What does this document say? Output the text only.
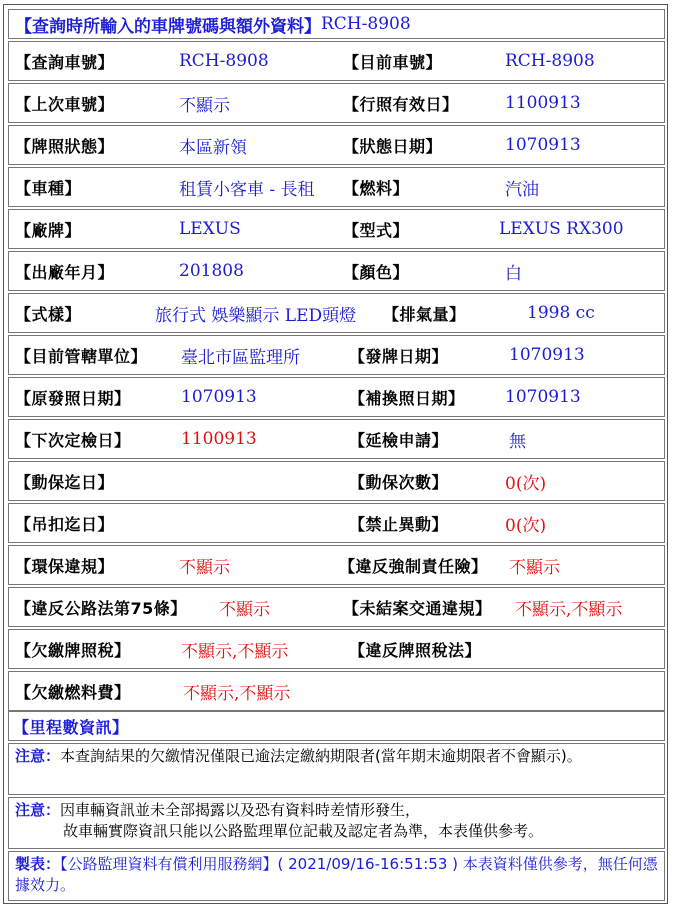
【查詢時所輸入的車牌號碼與額外資料】 RCH-8908
【查詢車號】	RCH-8908	【目前車號】	RCH-8908
【上次車號】	不顯示	【行照有效日】	1100913
【牌照狀態】	本區新領	【狀態日期】	1070913
【車種】	租賃小客車 - 長租 【燃料】	汽油
【廠牌】	LEXUS	【型式】	LEXUS RX300
【出廠年月】	201808	【顏色】	白
【式樣】	旅行式 娛樂顯示 LED頭燈 【排氣量】	1998 cc
【目前管轄單位】 臺北市區監理所	【發牌日期】	1070913
【原發照日期】	1070913	【補換照日期】 1070913
【下次定檢日】	1100913	【延檢申請】	無
【動保迄日】	【動保次數】	0(次)
【吊扣迄日】	【禁止異動】	0(次)
【環保違規】	不顯示	【違反強制責任險】 不顯示
【違反公路法第75條】 不顯示	【未結案交通違規】 不顯示,不顯示
【欠繳牌照稅】	不顯示,不顯示	【違反牌照稅法】
【欠繳燃料費】	不顯示,不顯示
【里程數資訊】
注意：本查詢結果的欠繳情況僅限已逾法定繳納期限者(當年期末逾期限者不會顯示)。
注意：因車輛資訊並未全部揭露以及恐有資料時差情形發生，
故車輛實際資訊只能以公路監理單位記載及認定者為準，本表僅供參考。
製表：【公路監理資料有償利用服務網】( 2021/09/16-16:51:53 ) 本表資料僅供參考，無任何憑據效力。
